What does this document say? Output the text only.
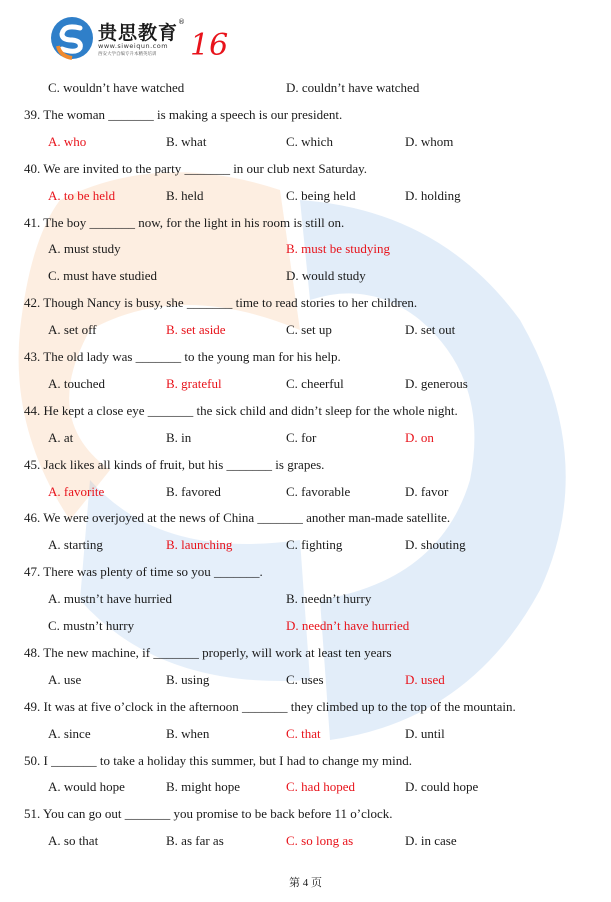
贵思教育 ®
www.siweiqun.com
西安大学自编专升本精英培训 16
C. wouldn’t have watched	D. couldn’t have watched
39. The woman _______ is making a speech is our president.
A. who	B. what	C. which	D. whom
40. We are invited to the party _______ in our club next Saturday.
A. to be held	B. held	C. being held	D. holding
41. The boy _______ now, for the light in his room is still on.
A. must study	B. must be studying
C. must have studied	D. would study
42. Though Nancy is busy, she _______ time to read stories to her children.
A. set off	B. set aside	C. set up	D. set out
43. The old lady was _______ to the young man for his help.
A. touched	B. grateful	C. cheerful	D. generous
44. He kept a close eye _______ the sick child and didn’t sleep for the whole night.
A. at	B. in	C. for	D. on
45. Jack likes all kinds of fruit, but his _______ is grapes.
A. favorite	B. favored	C. favorable	D. favor
46. We were overjoyed at the news of China _______ another man-made satellite.
A. starting	B. launching	C. fighting	D. shouting
47. There was plenty of time so you _______.
A. mustn’t have hurried	B. needn’t hurry
C. mustn’t hurry	D. needn’t have hurried
48. The new machine, if _______ properly, will work at least ten years
A. use	B. using	C. uses	D. used
49. It was at five o’clock in the afternoon _______ they climbed up to the top of the mountain.
A. since	B. when	C. that	D. until
50. I _______ to take a holiday this summer, but I had to change my mind.
A. would hope	B. might hope	C. had hoped	D. could hope
51. You can go out _______ you promise to be back before 11 o’clock.
A. so that	B. as far as	C. so long as	D. in case
第 4 页
